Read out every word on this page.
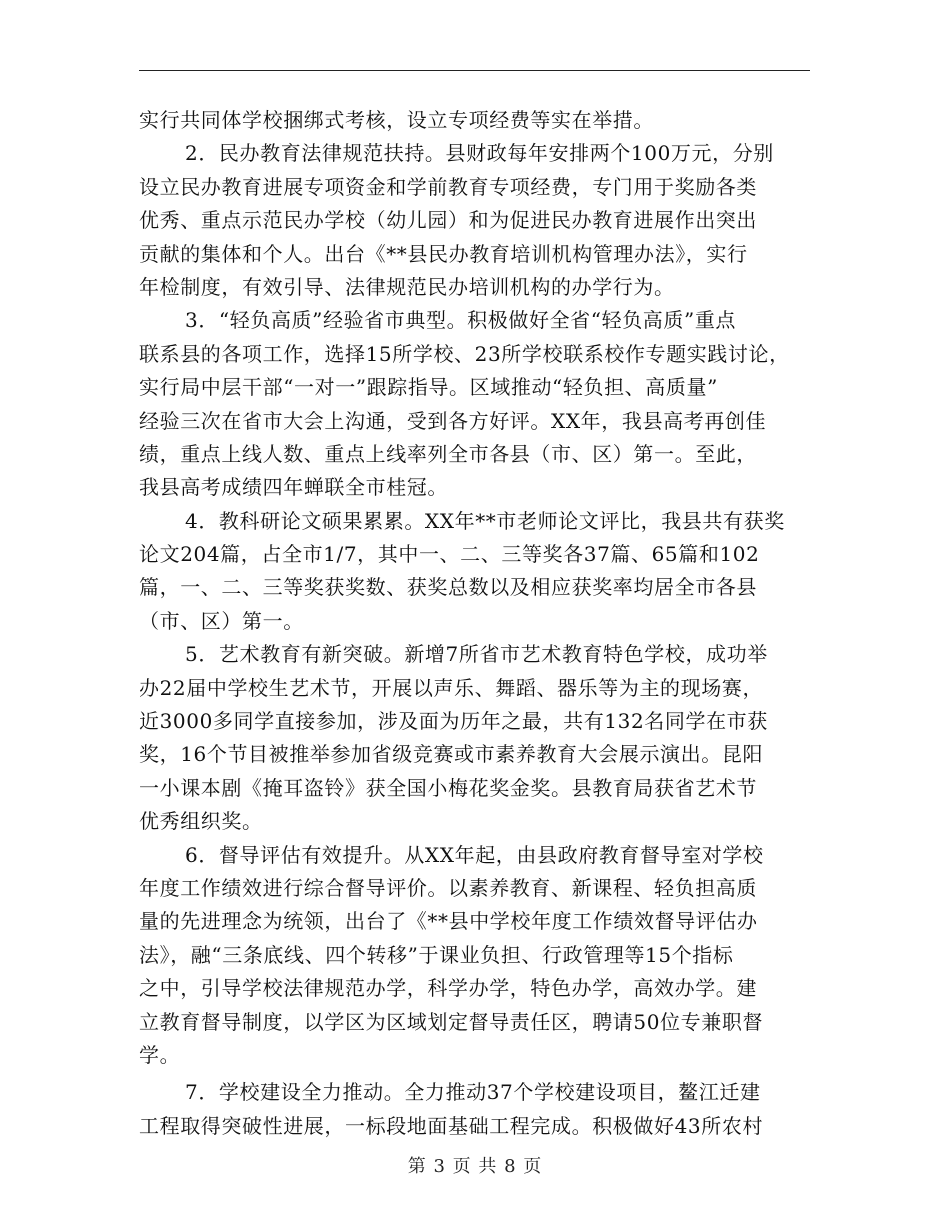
实行共同体学校捆绑式考核，设立专项经费等实在举措。
2．民办教育法律规范扶持。县财政每年安排两个100万元，分别
设立民办教育进展专项资金和学前教育专项经费，专门用于奖励各类
优秀、重点示范民办学校（幼儿园）和为促进民办教育进展作出突出
贡献的集体和个人。出台《**县民办教育培训机构管理办法》，实行
年检制度，有效引导、法律规范民办培训机构的办学行为。
3．“轻负高质”经验省市典型。积极做好全省“轻负高质”重点
联系县的各项工作，选择15所学校、23所学校联系校作专题实践讨论，
实行局中层干部“一对一”跟踪指导。区域推动“轻负担、高质量”
经验三次在省市大会上沟通，受到各方好评。XX年，我县高考再创佳
绩，重点上线人数、重点上线率列全市各县（市、区）第一。至此，
我县高考成绩四年蝉联全市桂冠。
4．教科研论文硕果累累。XX年**市老师论文评比，我县共有获奖
论文204篇，占全市1/7，其中一、二、三等奖各37篇、65篇和102
篇，一、二、三等奖获奖数、获奖总数以及相应获奖率均居全市各县
（市、区）第一。
5．艺术教育有新突破。新增7所省市艺术教育特色学校，成功举
办22届中学校生艺术节，开展以声乐、舞蹈、器乐等为主的现场赛，
近3000多同学直接参加，涉及面为历年之最，共有132名同学在市获
奖，16个节目被推举参加省级竞赛或市素养教育大会展示演出。昆阳
一小课本剧《掩耳盗铃》获全国小梅花奖金奖。县教育局获省艺术节
优秀组织奖。
6．督导评估有效提升。从XX年起，由县政府教育督导室对学校
年度工作绩效进行综合督导评价。以素养教育、新课程、轻负担高质
量的先进理念为统领，出台了《**县中学校年度工作绩效督导评估办
法》，融“三条底线、四个转移”于课业负担、行政管理等15个指标
之中，引导学校法律规范办学，科学办学，特色办学，高效办学。建
立教育督导制度，以学区为区域划定督导责任区，聘请50位专兼职督
学。
7．学校建设全力推动。全力推动37个学校建设项目，鳌江迁建
工程取得突破性进展，一标段地面基础工程完成。积极做好43所农村
第 3 页 共 8 页
